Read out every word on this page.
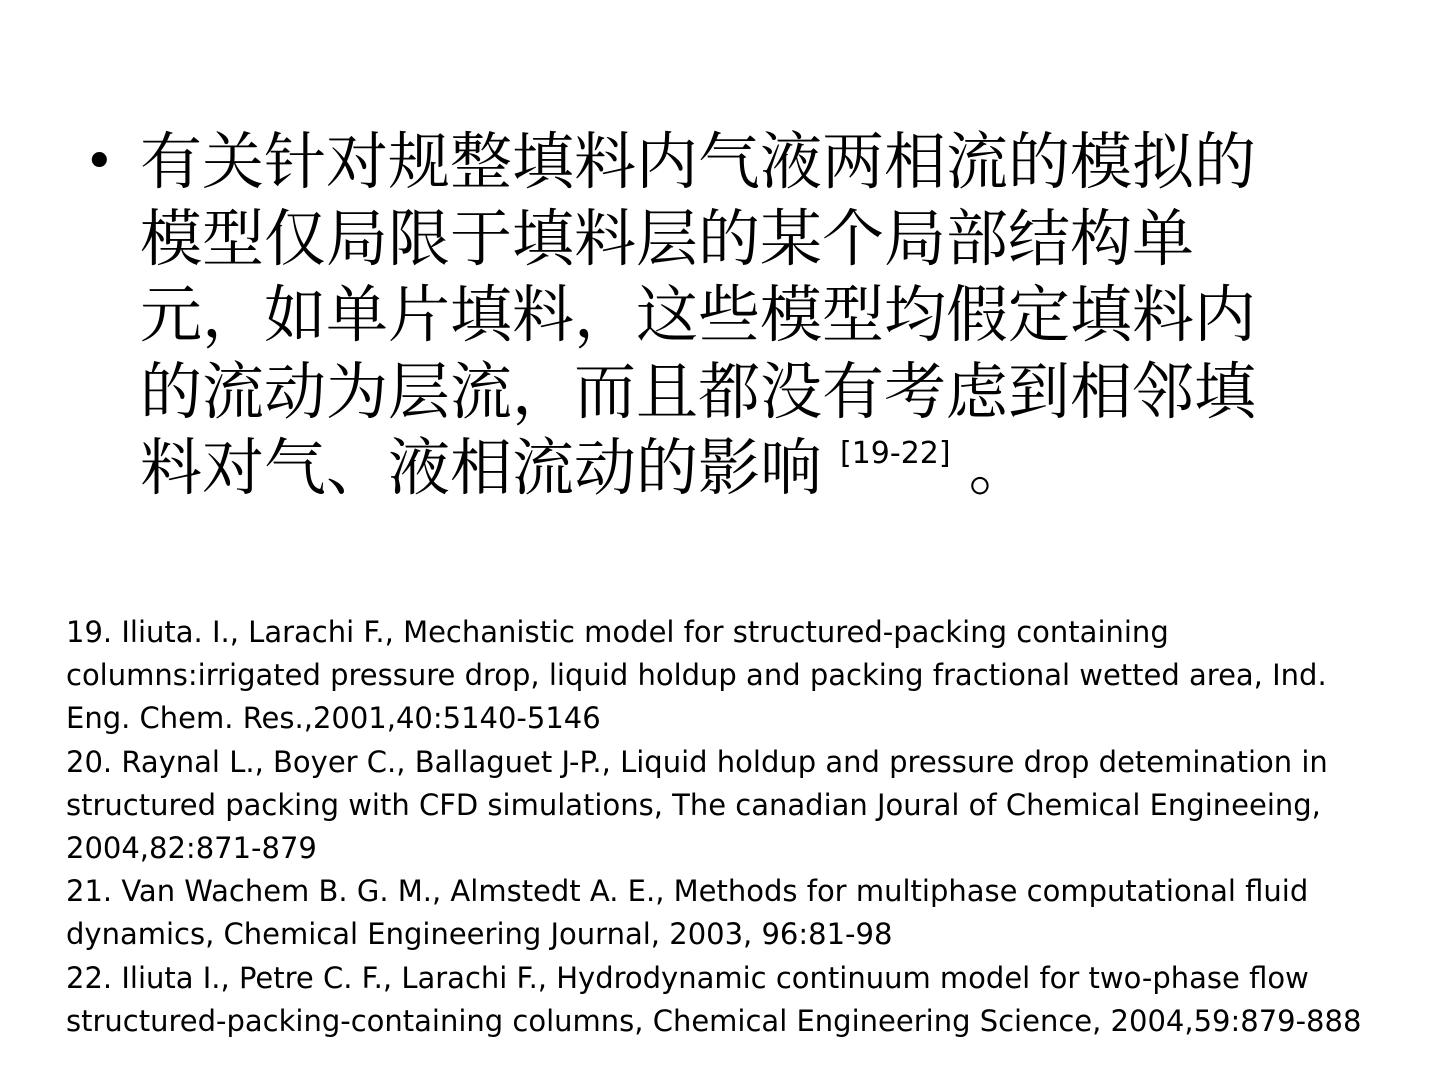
• 有关针对规整填料内气液两相流的模拟的模型仅局限于填料层的某个局部结构单元，如单片填料，这些模型均假定填料内的流动为层流，而且都没有考虑到相邻填料对气、液相流动的影响 [19-22] 。
19. Iliuta. I., Larachi F., Mechanistic model for structured-packing containing columns:irrigated pressure drop, liquid holdup and packing fractional wetted area, Ind. Eng. Chem. Res.,2001,40:5140-5146
20. Raynal L., Boyer C., Ballaguet J-P., Liquid holdup and pressure drop detemination in structured packing with CFD simulations, The canadian Joural of Chemical Engineeing, 2004,82:871-879
21. Van Wachem B. G. M., Almstedt A. E., Methods for multiphase computational fluid dynamics, Chemical Engineering Journal, 2003, 96:81-98
22. Iliuta I., Petre C. F., Larachi F., Hydrodynamic continuum model for two-phase flow structured-packing-containing columns, Chemical Engineering Science, 2004,59:879-888
